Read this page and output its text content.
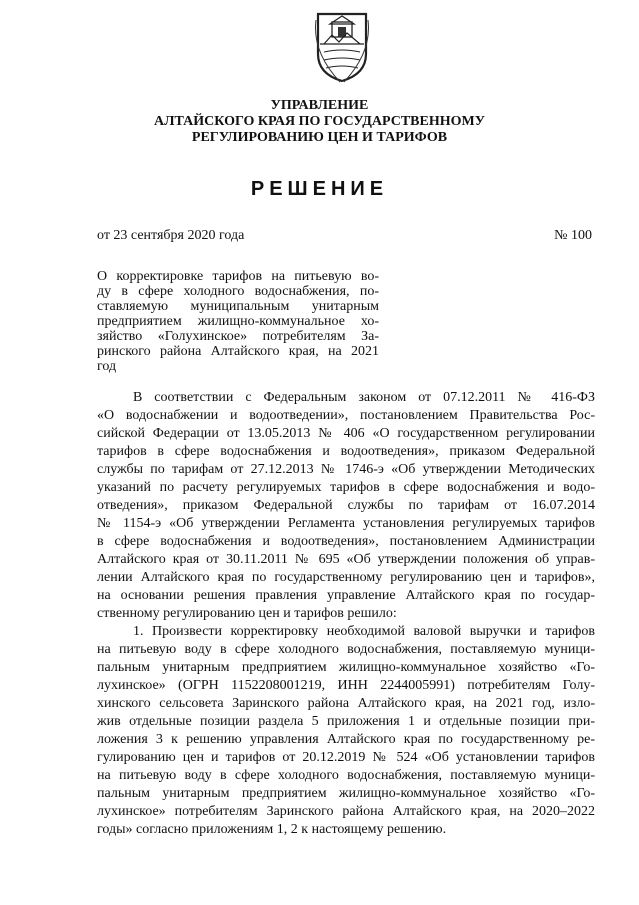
УПРАВЛЕНИЕ
АЛТАЙСКОГО КРАЯ ПО ГОСУДАРСТВЕННОМУ
РЕГУЛИРОВАНИЮ ЦЕН И ТАРИФОВ
РЕШЕНИЕ
от 23 сентября 2020 года	№ 100
О корректировке тарифов на питьевую во-
ду в сфере холодного водоснабжения, по-
ставляемую муниципальным унитарным
предприятием жилищно-коммунальное хо-
зяйство «Голухинское» потребителям За-
ринского района Алтайского края, на 2021
год
В соответствии с Федеральным законом от 07.12.2011 № 416-ФЗ
«О водоснабжении и водоотведении», постановлением Правительства Рос-
сийской Федерации от 13.05.2013 № 406 «О государственном регулировании
тарифов в сфере водоснабжения и водоотведения», приказом Федеральной
службы по тарифам от 27.12.2013 № 1746-э «Об утверждении Методических
указаний по расчету регулируемых тарифов в сфере водоснабжения и водо-
отведения», приказом Федеральной службы по тарифам от 16.07.2014
№ 1154-э «Об утверждении Регламента установления регулируемых тарифов
в сфере водоснабжения и водоотведения», постановлением Администрации
Алтайского края от 30.11.2011 № 695 «Об утверждении положения об управ-
лении Алтайского края по государственному регулированию цен и тарифов»,
на основании решения правления управление Алтайского края по государ-
ственному регулированию цен и тарифов решило:
1. Произвести корректировку необходимой валовой выручки и тарифов
на питьевую воду в сфере холодного водоснабжения, поставляемую муници-
пальным унитарным предприятием жилищно-коммунальное хозяйство «Го-
лухинское» (ОГРН 1152208001219, ИНН 2244005991) потребителям Голу-
хинского сельсовета Заринского района Алтайского края, на 2021 год, изло-
жив отдельные позиции раздела 5 приложения 1 и отдельные позиции при-
ложения 3 к решению управления Алтайского края по государственному ре-
гулированию цен и тарифов от 20.12.2019 № 524 «Об установлении тарифов
на питьевую воду в сфере холодного водоснабжения, поставляемую муници-
пальным унитарным предприятием жилищно-коммунальное хозяйство «Го-
лухинское» потребителям Заринского района Алтайского края, на 2020–2022
годы» согласно приложениям 1, 2 к настоящему решению.
